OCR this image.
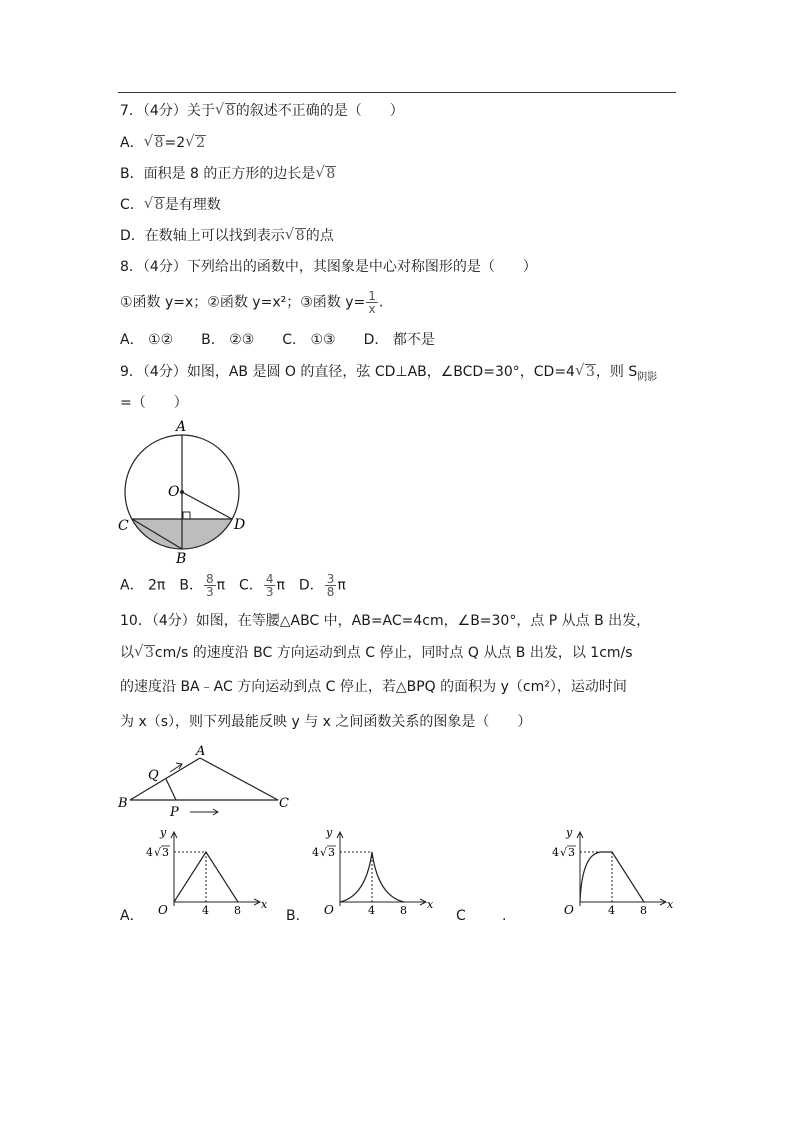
7．（4分）关于 √ 8的叙述不正确的是（　　）
A． √ 8=2 √ 2
B．面积是 8 的正方形的边长是 √ 8
C． √ 8是有理数
D．在数轴上可以找到表示 √ 8的点
8．（4分）下列给出的函数中，其图象是中心对称图形的是（　　）
①函数 y=x；②函数 y=x²；③函数 $y= \frac{1}{x}$ .
A． ①②　　B． ②③　　C． ①③　　D． 都不是
9．（4分）如图，AB 是圆 O 的直径，弦 CD⊥AB，∠BCD=30°，CD=4 √ 3，则 $S_{阴影}$
=（　　）
A
O
C	D
B
A． 2π　B． $\frac{8}{3}$ π　C． $\frac{4}{3}$ π　D． $\frac{3}{8}$ π
10．（4分）如图，在等腰△ABC 中，AB=AC=4cm，∠B=30°，点 P 从点 B 出发，
以 √ 3cm/s 的速度沿 BC 方向运动到点 C 停止，同时点 Q 从点 B 出发，以 1cm/s
的速度沿 BA﹣AC 方向运动到点 C 停止，若△BPQ 的面积为 y（cm²），运动时间
为 x（s），则下列最能反映 y 与 x 之间函数关系的图象是（　　）
A
Q
B
P
C
y
x
O	4 8
4 √ 3
A．
y
x
O	4 8
4 √ 3
B．	C	.
y
x
O	4 8
4 √ 3
